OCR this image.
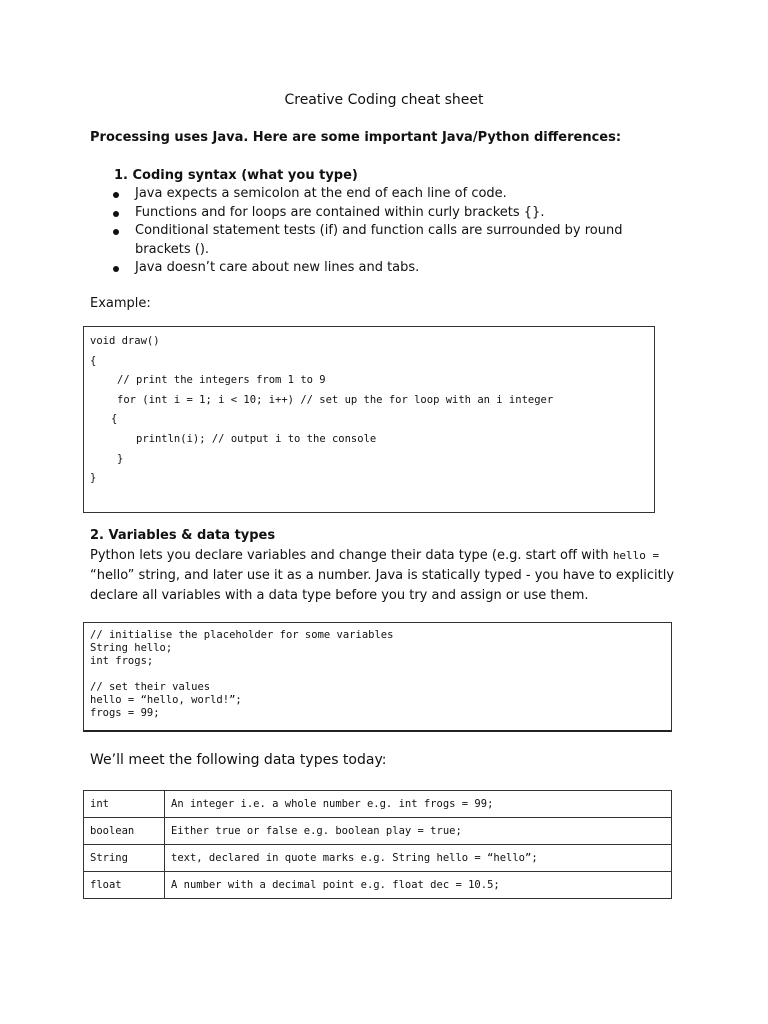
Creative Coding cheat sheet
Processing uses Java. Here are some important Java/Python differences:
1. Coding syntax (what you type)
Java expects a semicolon at the end of each line of code.
Functions and for loops are contained within curly brackets {}.
Conditional statement tests (if) and function calls are surrounded by round brackets ().
Java doesn’t care about new lines and tabs.
Example:
void draw()
{
// print the integers from 1 to 9
for (int i = 1; i < 10; i++) // set up the for loop with an i integer
{
println(i); // output i to the console
}
}
2. Variables & data types
Python lets you declare variables and change their data type (e.g. start off with hello = “hello” string, and later use it as a number. Java is statically typed - you have to explicitly declare all variables with a data type before you try and assign or use them.
// initialise the placeholder for some variables
String hello;
int frogs;
// set their values
hello = “hello, world!”;
frogs = 99;
We’ll meet the following data types today:
int	An integer i.e. a whole number e.g. int frogs = 99;
boolean	Either true or false e.g. boolean play = true;
String	text, declared in quote marks e.g. String hello = “hello”;
float	A number with a decimal point e.g. float dec = 10.5;
